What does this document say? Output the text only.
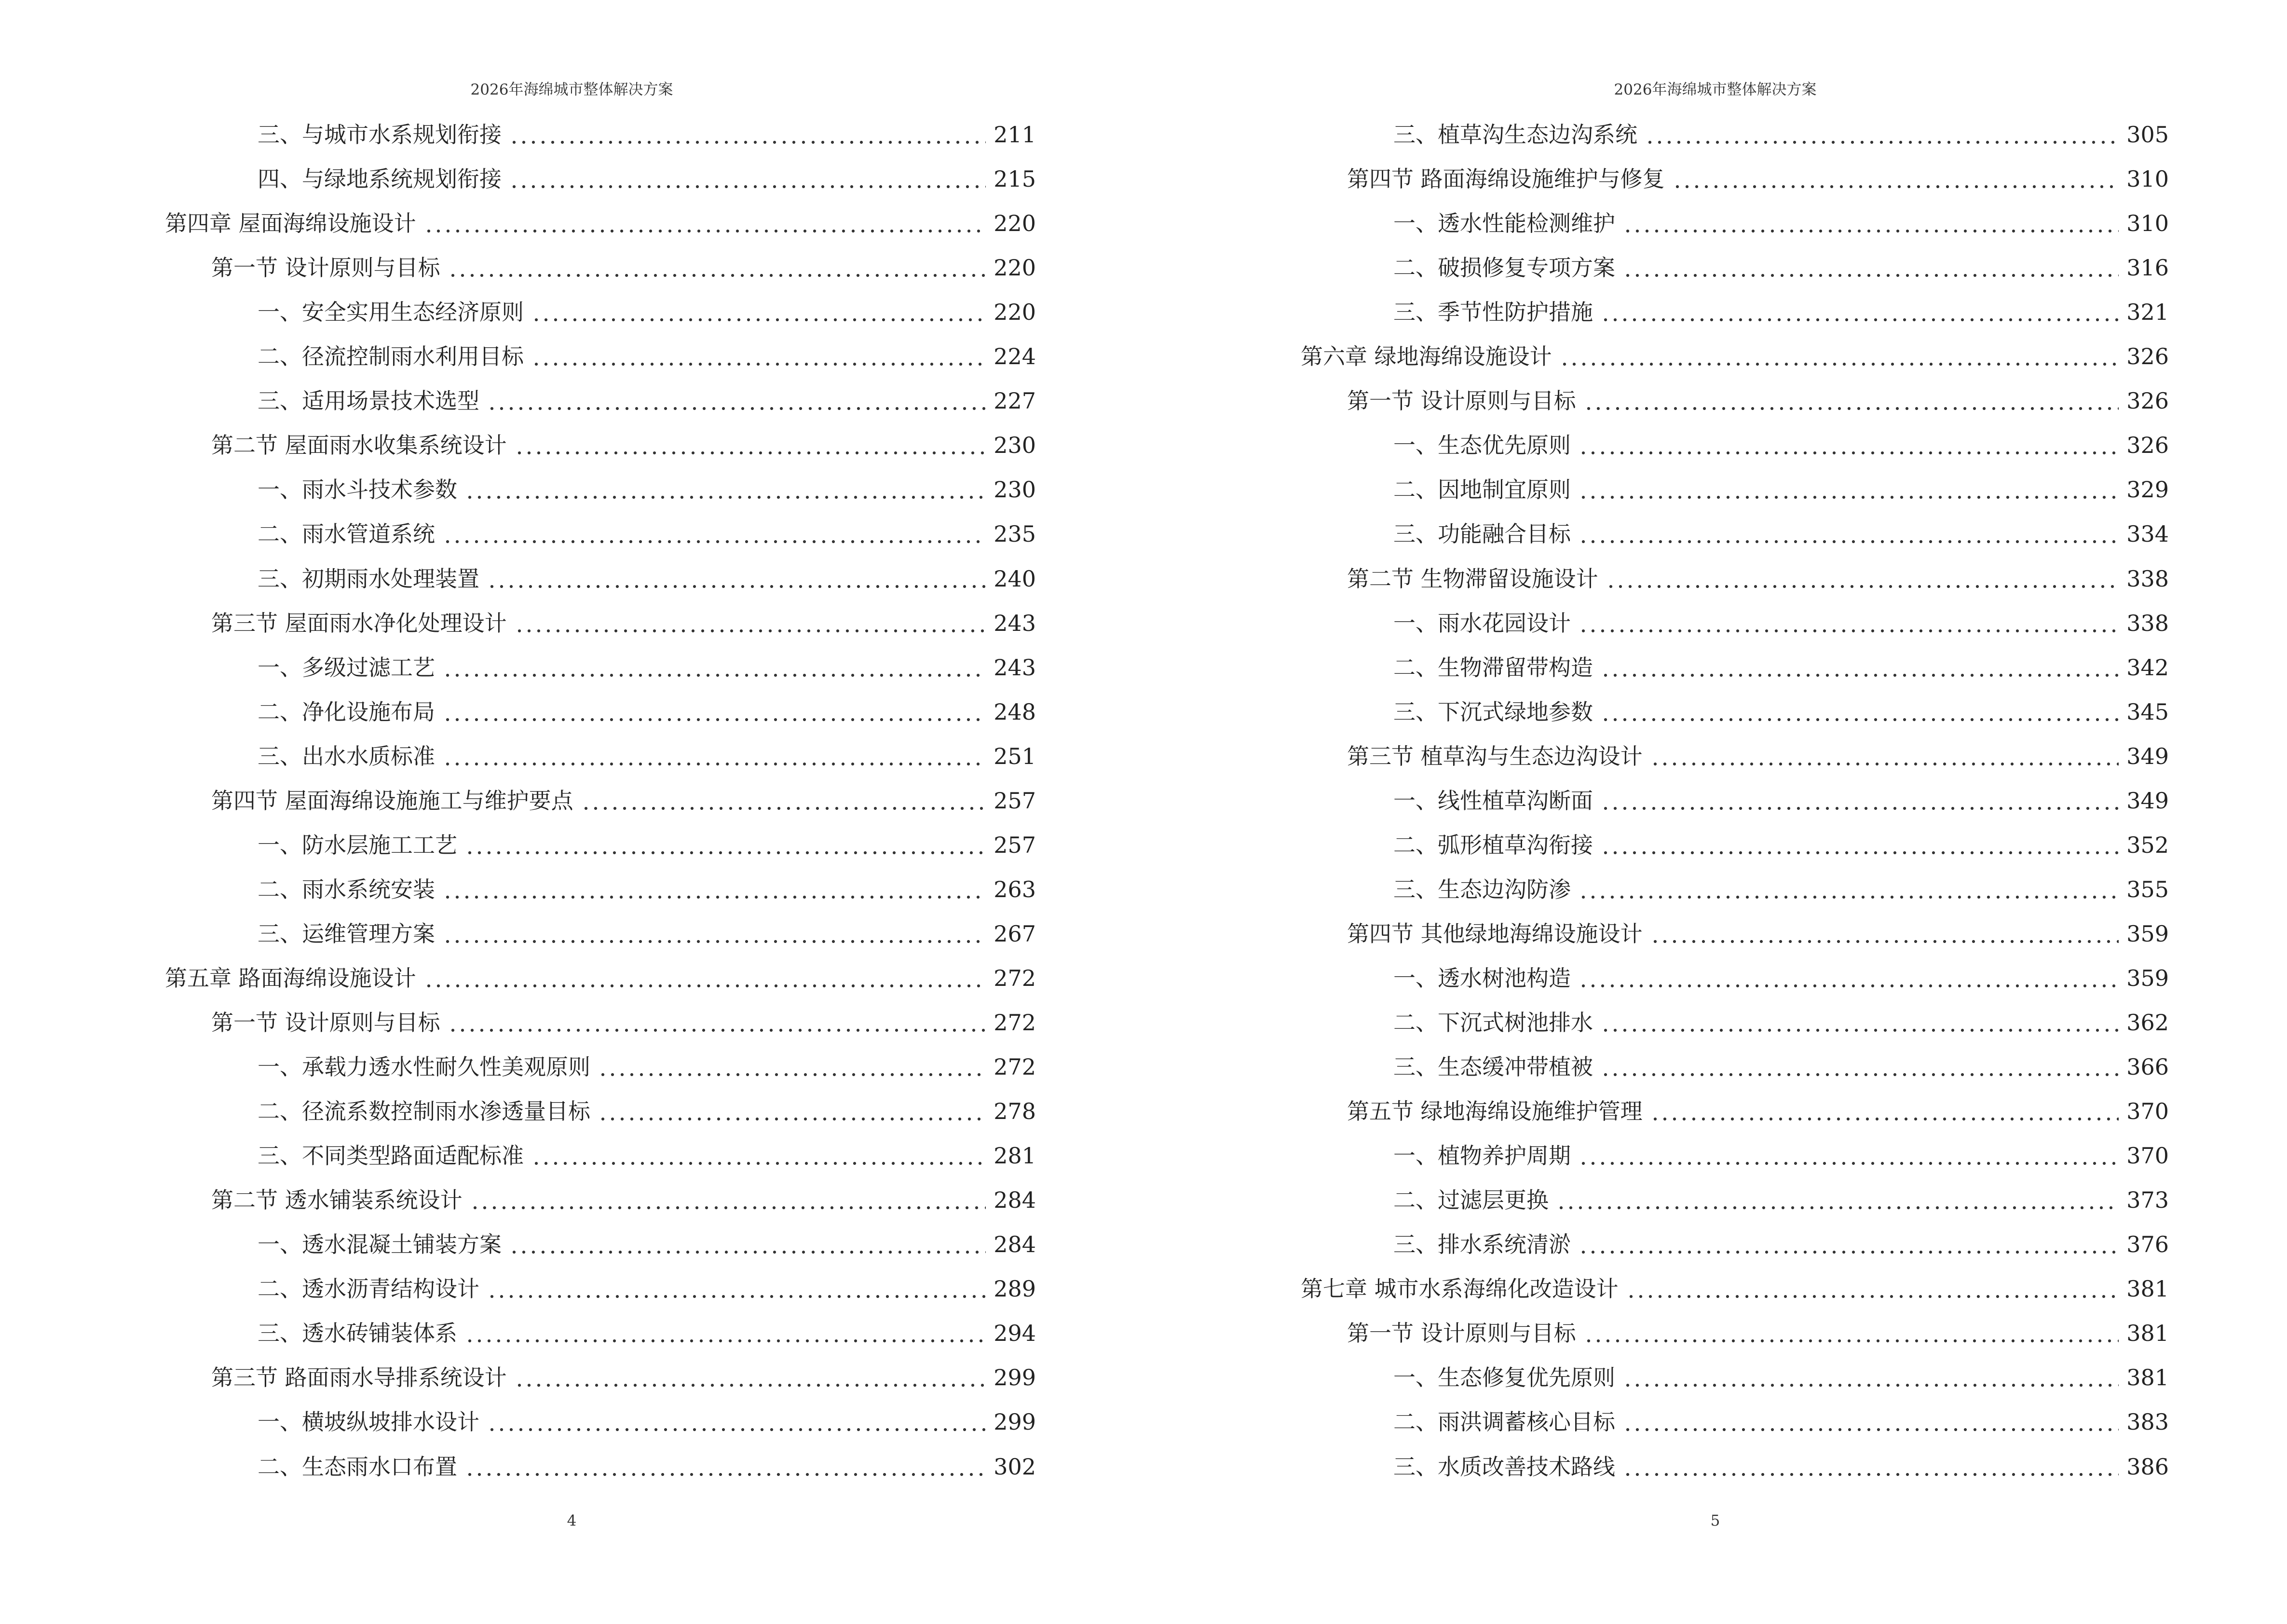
2026年海绵城市整体解决方案
三、与城市水系规划衔接	211
四、与绿地系统规划衔接	215
第四章 屋面海绵设施设计	220
第一节 设计原则与目标	220
一、安全实用生态经济原则	220
二、径流控制雨水利用目标	224
三、适用场景技术选型	227
第二节 屋面雨水收集系统设计	230
一、雨水斗技术参数	230
二、雨水管道系统	235
三、初期雨水处理装置	240
第三节 屋面雨水净化处理设计	243
一、多级过滤工艺	243
二、净化设施布局	248
三、出水水质标准	251
第四节 屋面海绵设施施工与维护要点	257
一、防水层施工工艺	257
二、雨水系统安装	263
三、运维管理方案	267
第五章 路面海绵设施设计	272
第一节 设计原则与目标	272
一、承载力透水性耐久性美观原则	272
二、径流系数控制雨水渗透量目标	278
三、不同类型路面适配标准	281
第二节 透水铺装系统设计	284
一、透水混凝土铺装方案	284
二、透水沥青结构设计	289
三、透水砖铺装体系	294
第三节 路面雨水导排系统设计	299
一、横坡纵坡排水设计	299
二、生态雨水口布置	302
4
2026年海绵城市整体解决方案
三、植草沟生态边沟系统	305
第四节 路面海绵设施维护与修复	310
一、透水性能检测维护	310
二、破损修复专项方案	316
三、季节性防护措施	321
第六章 绿地海绵设施设计	326
第一节 设计原则与目标	326
一、生态优先原则	326
二、因地制宜原则	329
三、功能融合目标	334
第二节 生物滞留设施设计	338
一、雨水花园设计	338
二、生物滞留带构造	342
三、下沉式绿地参数	345
第三节 植草沟与生态边沟设计	349
一、线性植草沟断面	349
二、弧形植草沟衔接	352
三、生态边沟防渗	355
第四节 其他绿地海绵设施设计	359
一、透水树池构造	359
二、下沉式树池排水	362
三、生态缓冲带植被	366
第五节 绿地海绵设施维护管理	370
一、植物养护周期	370
二、过滤层更换	373
三、排水系统清淤	376
第七章 城市水系海绵化改造设计	381
第一节 设计原则与目标	381
一、生态修复优先原则	381
二、雨洪调蓄核心目标	383
三、水质改善技术路线	386
5
